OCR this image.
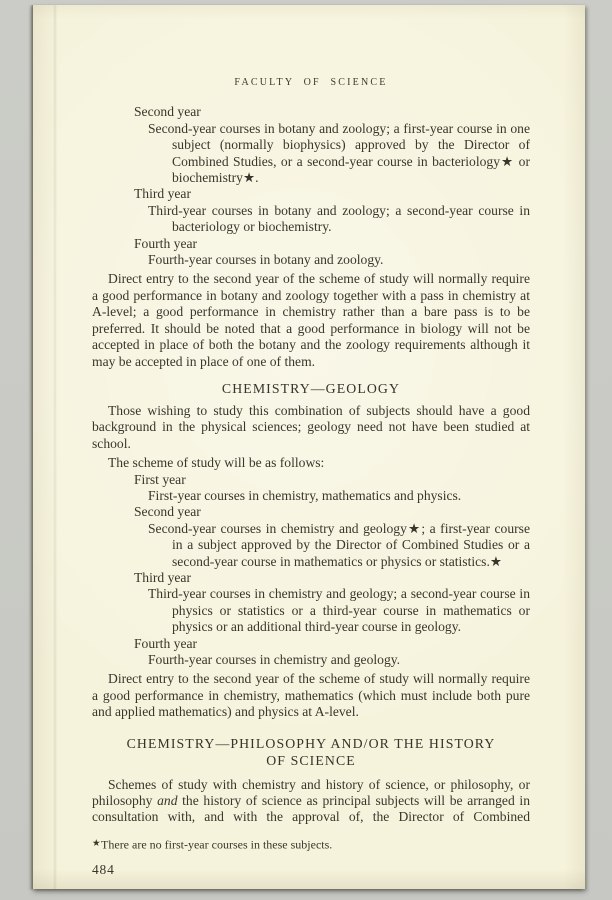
FACULTY OF SCIENCE
Second year
Second-year courses in botany and zoology; a first-year course in one subject (normally biophysics) approved by the Director of Combined Studies, or a second-year course in bacteriology★ or biochemistry★.
Third year
Third-year courses in botany and zoology; a second-year course in bacteriology or biochemistry.
Fourth year
Fourth-year courses in botany and zoology.

Direct entry to the second year of the scheme of study will normally require a good performance in botany and zoology together with a pass in chemistry at A-level; a good performance in chemistry rather than a bare pass is to be preferred. It should be noted that a good performance in biology will not be accepted in place of both the botany and the zoology requirements although it may be accepted in place of one of them.

CHEMISTRY—GEOLOGY

Those wishing to study this combination of subjects should have a good background in the physical sciences; geology need not have been studied at school.

The scheme of study will be as follows:

First year
First-year courses in chemistry, mathematics and physics.
Second year
Second-year courses in chemistry and geology★; a first-year course in a subject approved by the Director of Combined Studies or a second-year course in mathematics or physics or statistics.★
Third year
Third-year courses in chemistry and geology; a second-year course in physics or statistics or a third-year course in mathematics or physics or an additional third-year course in geology.
Fourth year
Fourth-year courses in chemistry and geology.

Direct entry to the second year of the scheme of study will normally require a good performance in chemistry, mathematics (which must include both pure and applied mathematics) and physics at A-level.

CHEMISTRY—PHILOSOPHY AND/OR THE HISTORY
OF SCIENCE

Schemes of study with chemistry and history of science, or philosophy, or philosophy and the history of science as principal subjects will be arranged in consultation with, and with the approval of, the Director of Combined

★There are no first-year courses in these subjects.
484
